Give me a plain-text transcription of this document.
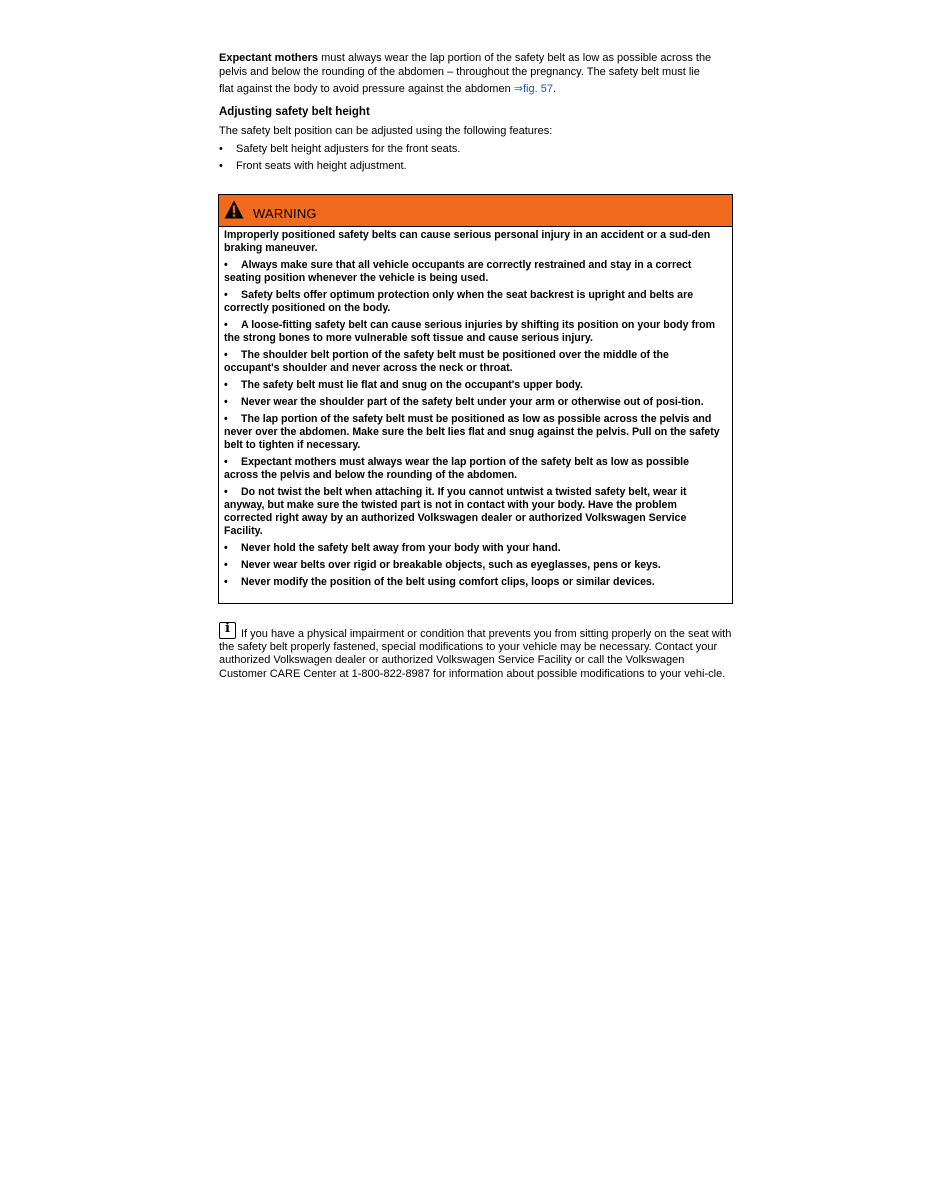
Expectant mothers must always wear the lap portion of the safety belt as low as possible across the pelvis and below the rounding of the abdomen – throughout the pregnancy. The safety belt must lie
flat against the body to avoid pressure against the abdomen ⇒fig. 57.

Adjusting safety belt height

The safety belt position can be adjusted using the following features:

• Safety belt height adjusters for the front seats.
• Front seats with height adjustment.
WARNING

Improperly positioned safety belts can cause serious personal injury in an accident or a sud-den braking maneuver.

• Always make sure that all vehicle occupants are correctly restrained and stay in a correct seating position whenever the vehicle is being used.
• Safety belts offer optimum protection only when the seat backrest is upright and belts are correctly positioned on the body.
• A loose-fitting safety belt can cause serious injuries by shifting its position on your body from the strong bones to more vulnerable soft tissue and cause serious injury.
• The shoulder belt portion of the safety belt must be positioned over the middle of the occupant's shoulder and never across the neck or throat.
• The safety belt must lie flat and snug on the occupant's upper body.
• Never wear the shoulder part of the safety belt under your arm or otherwise out of posi-tion.
• The lap portion of the safety belt must be positioned as low as possible across the pelvis and never over the abdomen. Make sure the belt lies flat and snug against the pelvis. Pull on the safety belt to tighten if necessary.
• Expectant mothers must always wear the lap portion of the safety belt as low as possible across the pelvis and below the rounding of the abdomen.
• Do not twist the belt when attaching it. If you cannot untwist a twisted safety belt, wear it anyway, but make sure the twisted part is not in contact with your body. Have the problem corrected right away by an authorized Volkswagen dealer or authorized Volkswagen Service Facility.
• Never hold the safety belt away from your body with your hand.
• Never wear belts over rigid or breakable objects, such as eyeglasses, pens or keys.
• Never modify the position of the belt using comfort clips, loops or similar devices.
i	If you have a physical impairment or condition that prevents you from sitting properly on the seat with the safety belt properly fastened, special modifications to your vehicle may be necessary. Contact your authorized Volkswagen dealer or authorized Volkswagen Service Facility or call the Volkswagen Customer CARE Center at 1-800-822-8987 for information about possible modifications to your vehi-cle.
